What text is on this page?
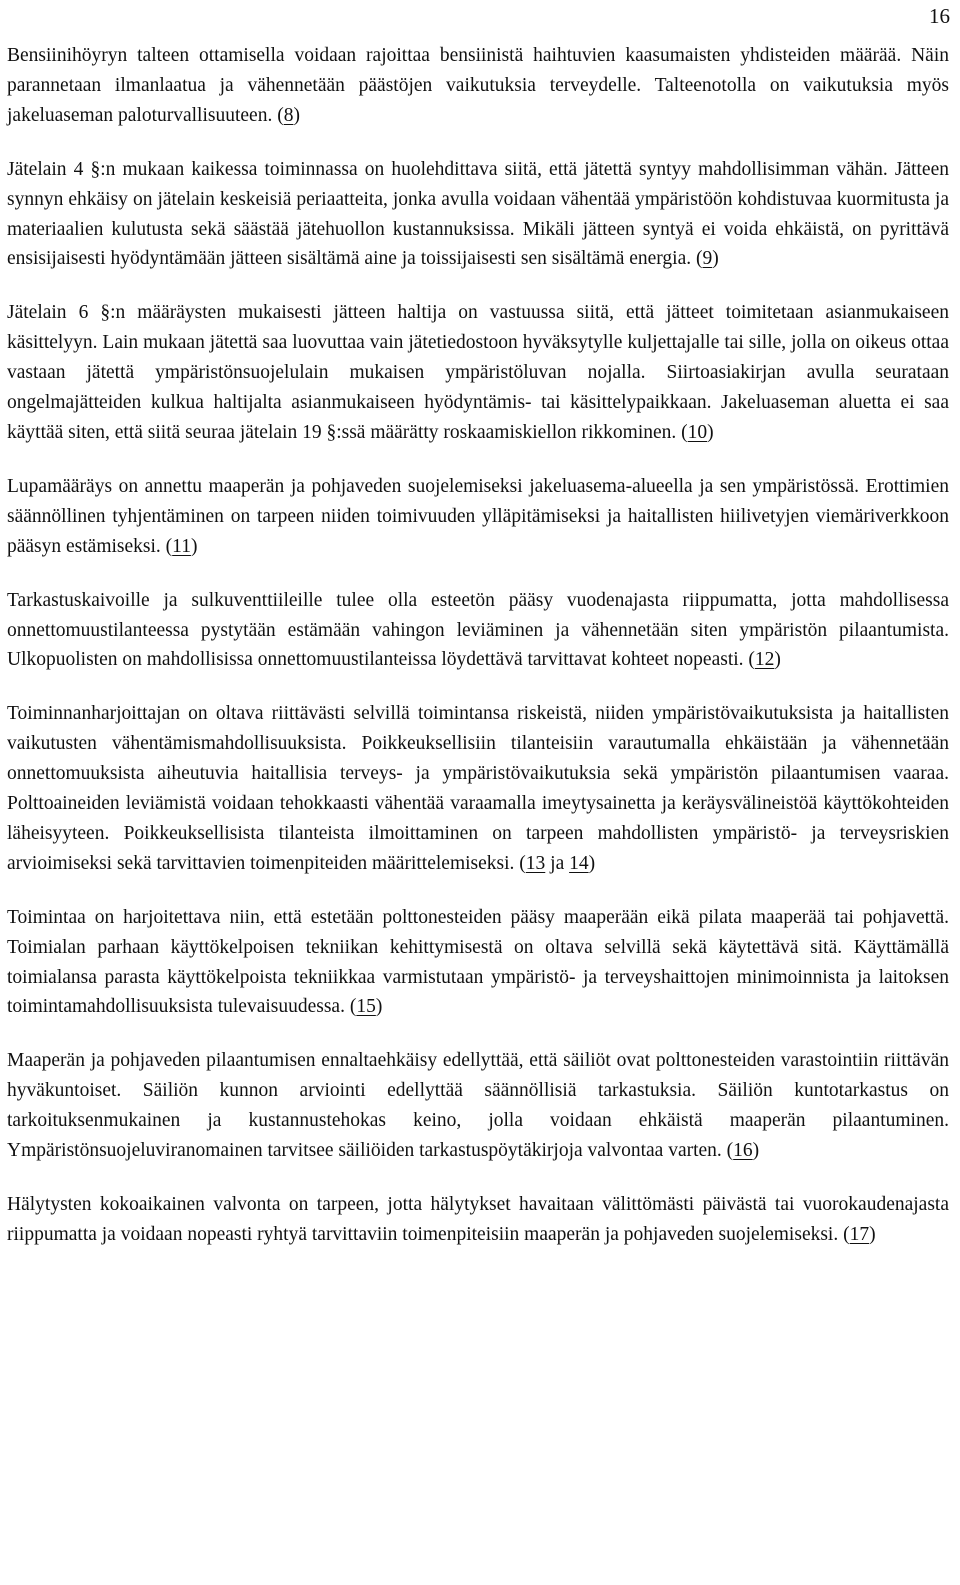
16

Bensiinihöyryn talteen ottamisella voidaan rajoittaa bensiinistä haihtuvien kaasumaisten yhdisteiden määrää. Näin parannetaan ilmanlaatua ja vähennetään päästöjen vaikutuksia terveydelle. Talteenotolla on vaikutuksia myös jakeluaseman paloturvallisuuteen. (8)

Jätelain 4 §:n mukaan kaikessa toiminnassa on huolehdittava siitä, että jätettä syntyy mahdollisimman vähän. Jätteen synnyn ehkäisy on jätelain keskeisiä periaatteita, jonka avulla voidaan vähentää ympäristöön kohdistuvaa kuormitusta ja materiaalien kulutusta sekä säästää jätehuollon kustannuksissa. Mikäli jätteen syntyä ei voida ehkäistä, on pyrittävä ensisijaisesti hyödyntämään jätteen sisältämä aine ja toissijaisesti sen sisältämä energia. (9)

Jätelain 6 §:n määräysten mukaisesti jätteen haltija on vastuussa siitä, että jätteet toimitetaan asianmukaiseen käsittelyyn. Lain mukaan jätettä saa luovuttaa vain jätetiedostoon hyväksytylle kuljettajalle tai sille, jolla on oikeus ottaa vastaan jätettä ympäristönsuojelulain mukaisen ympäristöluvan nojalla. Siirtoasiakirjan avulla seurataan ongelmajätteiden kulkua haltijalta asianmukaiseen hyödyntämis- tai käsittelypaikkaan. Jakeluaseman aluetta ei saa käyttää siten, että siitä seuraa jätelain 19 §:ssä määrätty roskaamiskiellon rikkominen. (10)

Lupamääräys on annettu maaperän ja pohjaveden suojelemiseksi jakeluasema-alueella ja sen ympäristössä. Erottimien säännöllinen tyhjentäminen on tarpeen niiden toimivuuden ylläpitämiseksi ja haitallisten hiilivetyjen viemäriverkkoon pääsyn estämiseksi. (11)

Tarkastuskaivoille ja sulkuventtiileille tulee olla esteetön pääsy vuodenajasta riippumatta, jotta mahdollisessa onnettomuustilanteessa pystytään estämään vahingon leviäminen ja vähennetään siten ympäristön pilaantumista. Ulkopuolisten on mahdollisissa onnettomuustilanteissa löydettävä tarvittavat kohteet nopeasti. (12)

Toiminnanharjoittajan on oltava riittävästi selvillä toimintansa riskeistä, niiden ympäristövaikutuksista ja haitallisten vaikutusten vähentämismahdollisuuksista. Poikkeuksellisiin tilanteisiin varautumalla ehkäistään ja vähennetään onnettomuuksista aiheutuvia haitallisia terveys- ja ympäristövaikutuksia sekä ympäristön pilaantumisen vaaraa. Polttoaineiden leviämistä voidaan tehokkaasti vähentää varaamalla imeytysainetta ja keräysvälineistöä käyttökohteiden läheisyyteen. Poikkeuksellisista tilanteista ilmoittaminen on tarpeen mahdollisten ympäristö- ja terveysriskien arvioimiseksi sekä tarvittavien toimenpiteiden määrittelemiseksi. (13 ja 14)

Toimintaa on harjoitettava niin, että estetään polttonesteiden pääsy maaperään eikä pilata maaperää tai pohjavettä. Toimialan parhaan käyttökelpoisen tekniikan kehittymisestä on oltava selvillä sekä käytettävä sitä. Käyttämällä toimialansa parasta käyttökelpoista tekniikkaa varmistutaan ympäristö- ja terveyshaittojen minimoinnista ja laitoksen toimintamahdollisuuksista tulevaisuudessa. (15)

Maaperän ja pohjaveden pilaantumisen ennaltaehkäisy edellyttää, että säiliöt ovat polttonesteiden varastointiin riittävän hyväkuntoiset. Säiliön kunnon arviointi edellyttää säännöllisiä tarkastuksia. Säiliön kuntotarkastus on tarkoituksenmukainen ja kustannustehokas keino, jolla voidaan ehkäistä maaperän pilaantuminen. Ympäristönsuojeluviranomainen tarvitsee säiliöiden tarkastuspöytäkirjoja valvontaa varten. (16)

Hälytysten kokoaikainen valvonta on tarpeen, jotta hälytykset havaitaan välittömästi päivästä tai vuorokaudenajasta riippumatta ja voidaan nopeasti ryhtyä tarvittaviin toimenpiteisiin maaperän ja pohjaveden suojelemiseksi. (17)
